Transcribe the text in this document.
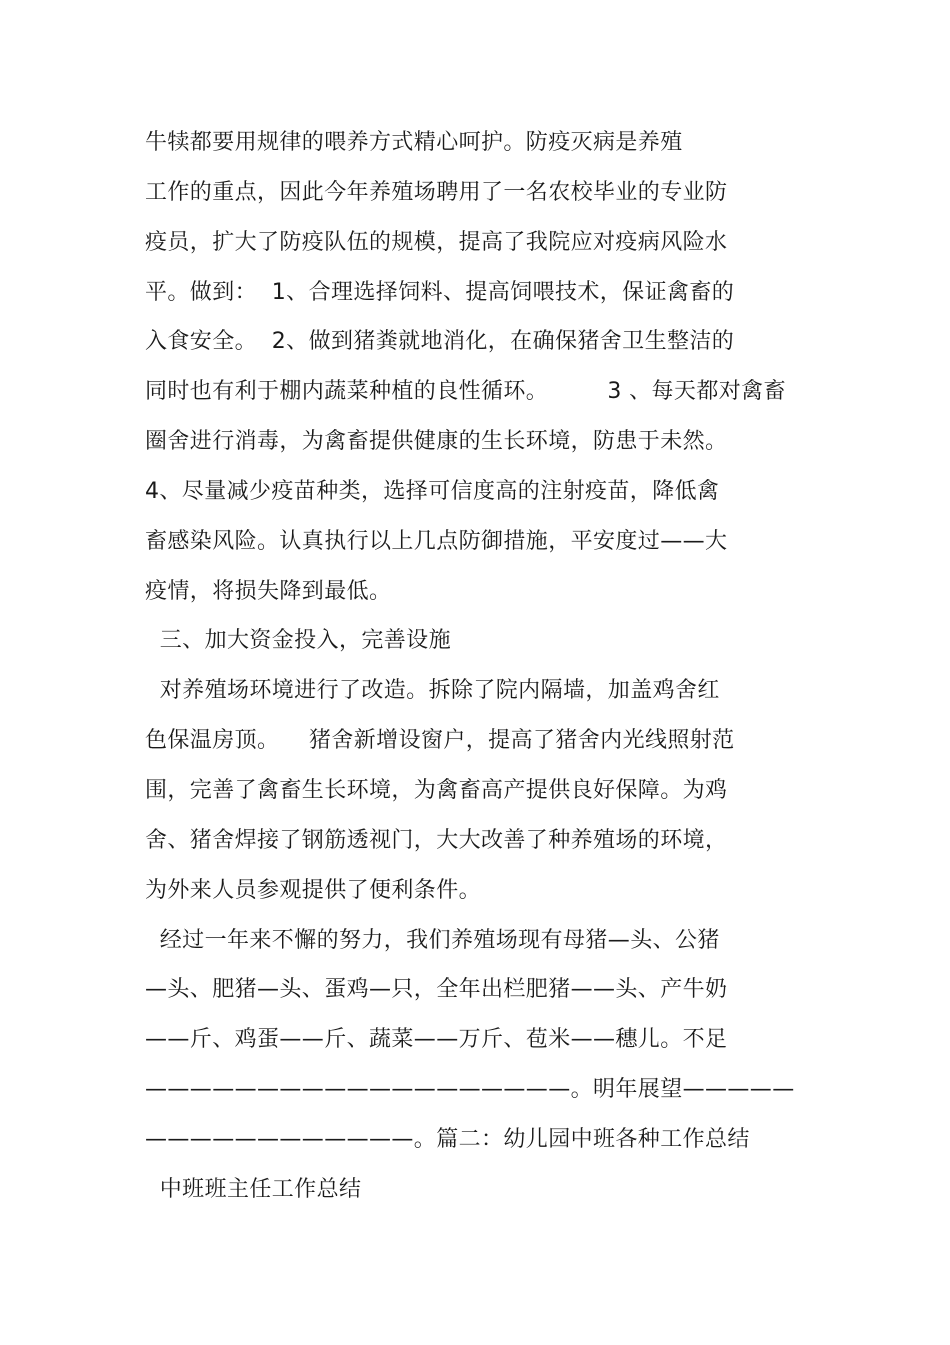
牛犊都要用规律的喂养方式精心呵护。防疫灭病是养殖
工作的重点，因此今年养殖场聘用了一名农校毕业的专业防
疫员，扩大了防疫队伍的规模，提高了我院应对疫病风险水
平。做到：  1、合理选择饲料、提高饲喂技术，保证禽畜的
入食安全。  2、做到猪粪就地消化，在确保猪舍卫生整洁的
同时也有利于棚内蔬菜种植的良性循环。        3 、每天都对禽畜
圈舍进行消毒，为禽畜提供健康的生长环境，防患于未然。
4、尽量减少疫苗种类，选择可信度高的注射疫苗，降低禽
畜感染风险。认真执行以上几点防御措施，平安度过——大
疫情，将损失降到最低。
三、加大资金投入，完善设施
对养殖场环境进行了改造。拆除了院内隔墙，加盖鸡舍红
色保温房顶。    猪舍新增设窗户，提高了猪舍内光线照射范
围，完善了禽畜生长环境，为禽畜高产提供良好保障。为鸡
舍、猪舍焊接了钢筋透视门，大大改善了种养殖场的环境，
为外来人员参观提供了便利条件。
经过一年来不懈的努力，我们养殖场现有母猪—头、公猪
—头、肥猪—头、蛋鸡—只，全年出栏肥猪——头、产牛奶
——斤、鸡蛋——斤、蔬菜——万斤、苞米——穗儿。不足
———————————————————。明年展望—————
————————————。篇二：幼儿园中班各种工作总结
中班班主任工作总结
